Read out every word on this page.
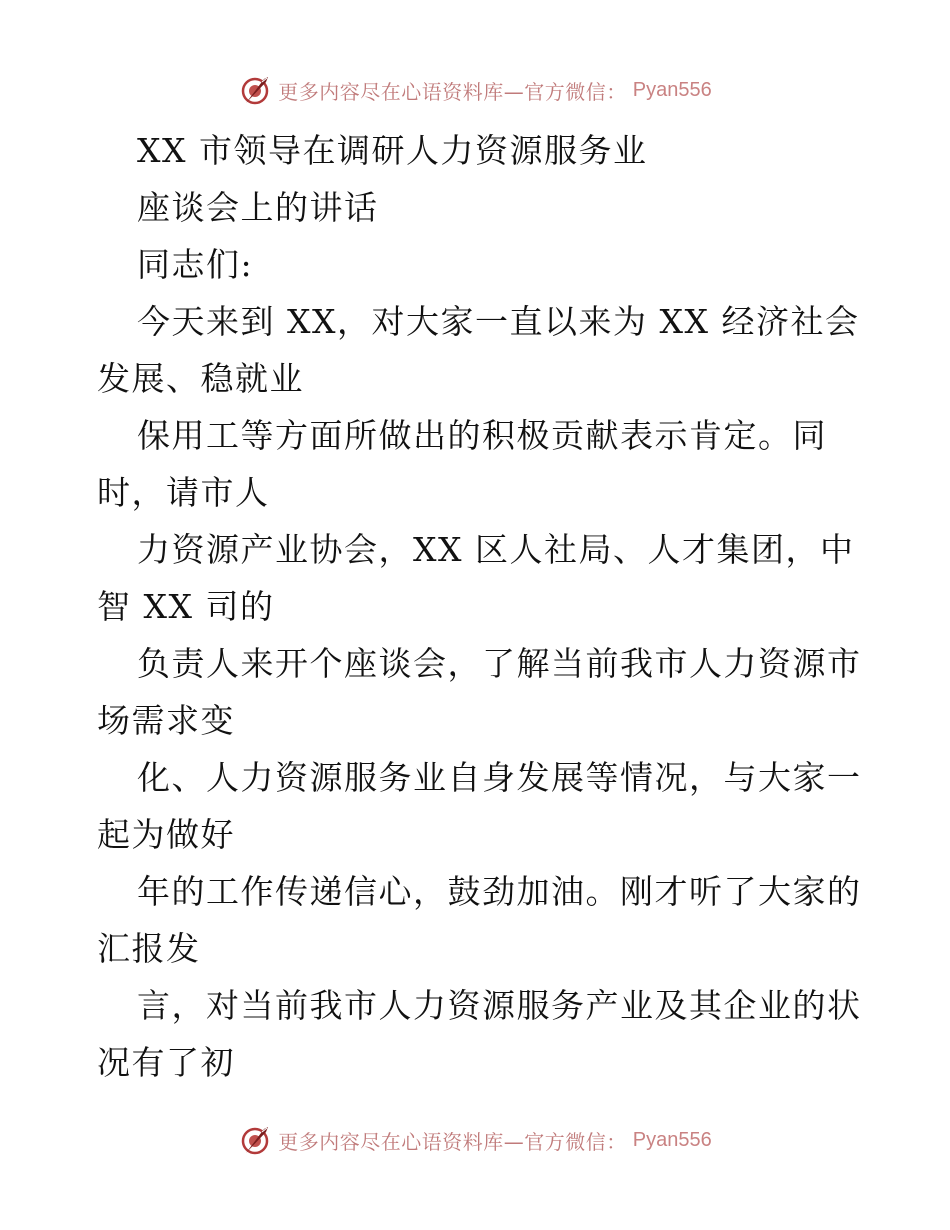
更多内容尽在心语资料库—官方微信： Pyan556
XX 市领导在调研人力资源服务业
座谈会上的讲话
同志们:
今天来到 XX，对大家一直以来为 XX 经济社会
发展、稳就业
保用工等方面所做出的积极贡献表示肯定。同
时，请市人
力资源产业协会，XX 区人社局、人才集团，中
智 XX 司的
负责人来开个座谈会，了解当前我市人力资源市
场需求变
化、人力资源服务业自身发展等情况，与大家一
起为做好
年的工作传递信心，鼓劲加油。刚才听了大家的
汇报发
言，对当前我市人力资源服务产业及其企业的状
况有了初
更多内容尽在心语资料库—官方微信： Pyan556
